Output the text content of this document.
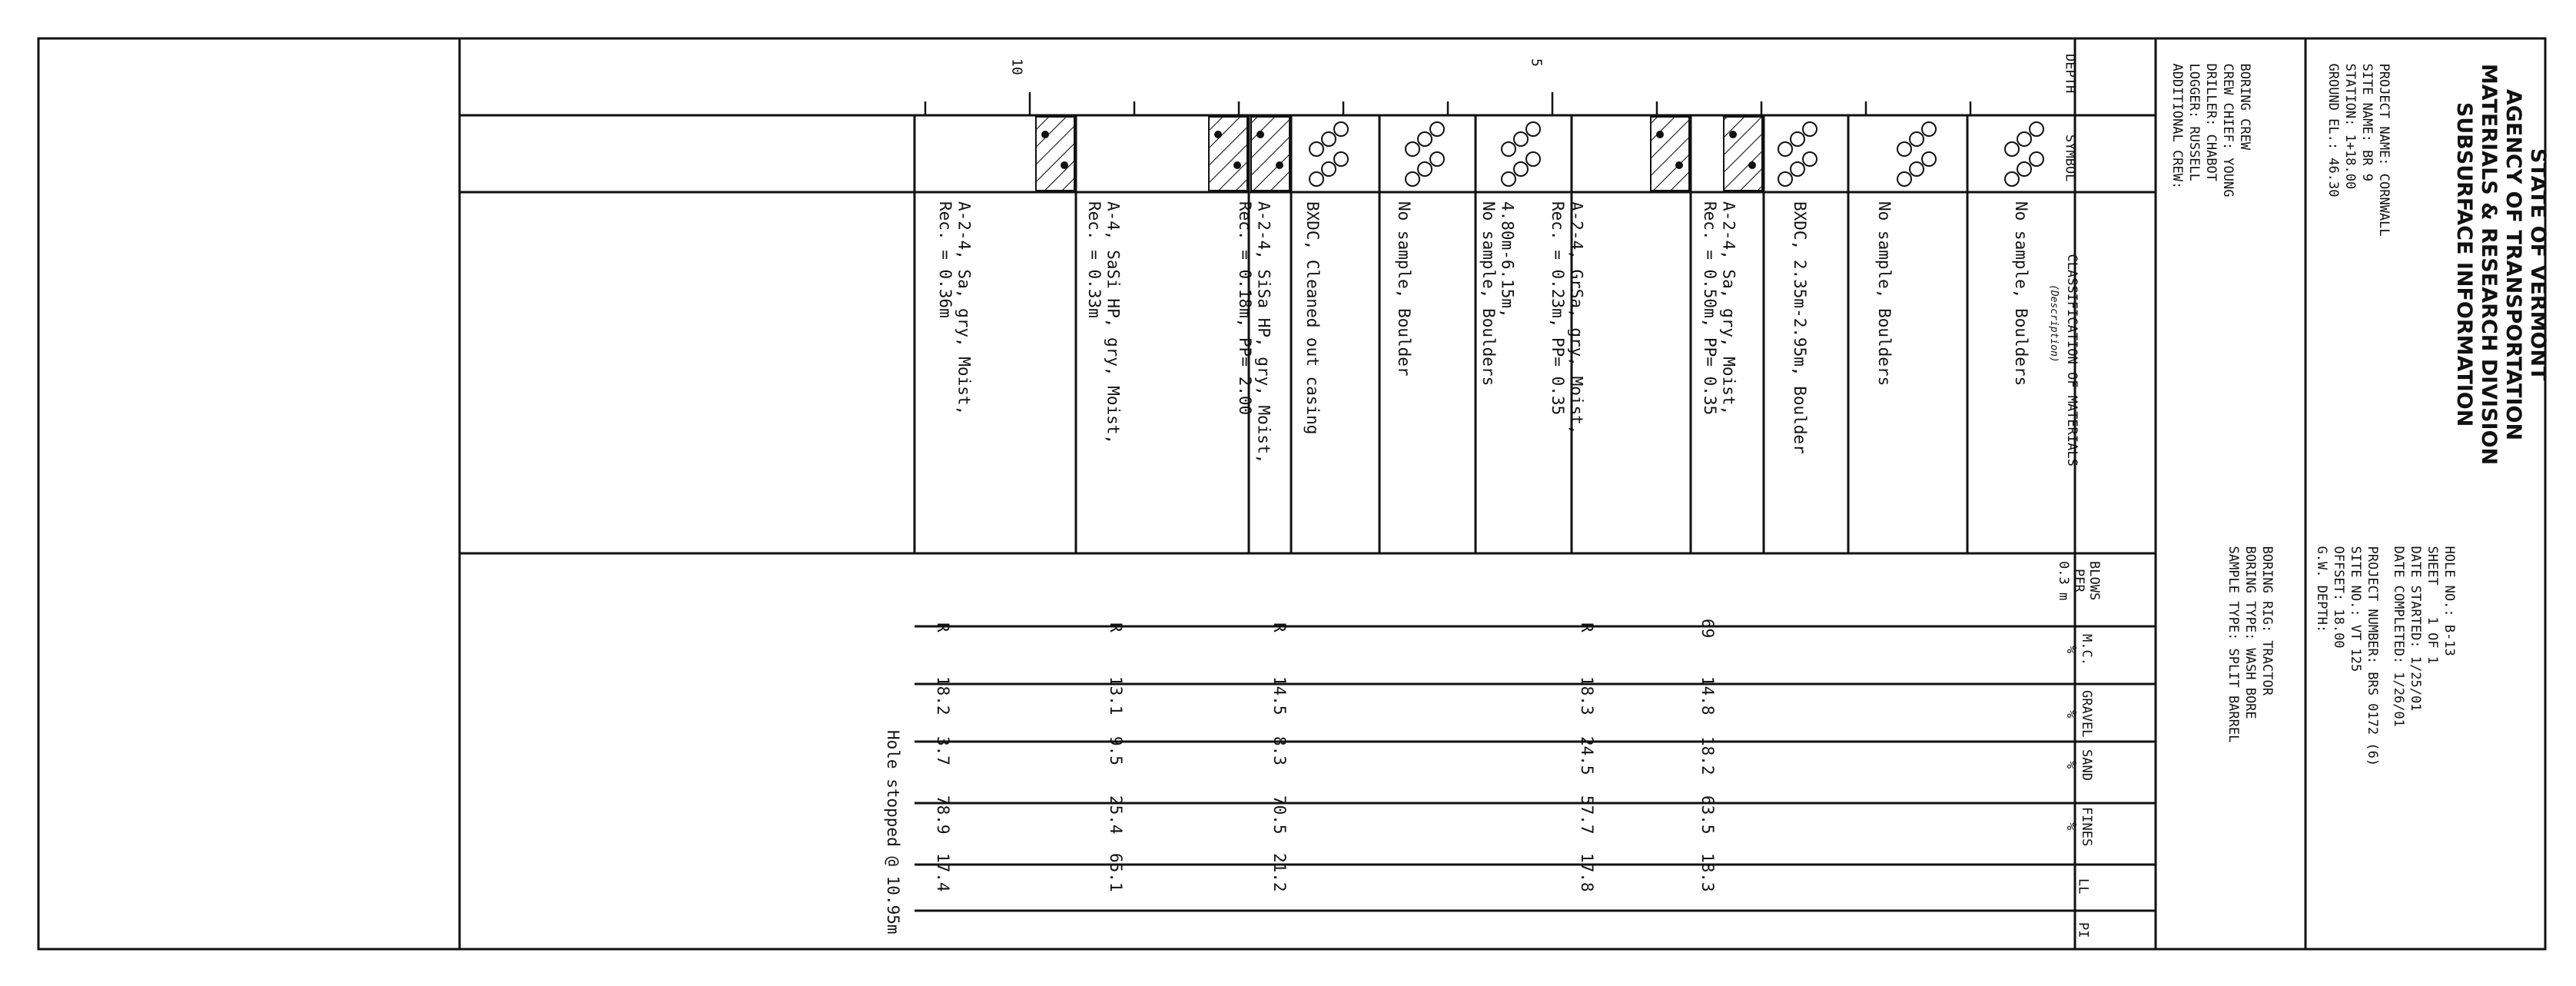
STATE OF VERMONT
AGENCY OF TRANSPORTATION
MATERIALS & RESEARCH DIVISION
SUBSURFACE INFORMATION

PROJECT NAME: CORNWALL
SITE NAME: BR 9
STATION: 1+18.00
GROUND EL.: 46.30

BORING CREW
CREW CHIEF: YOUNG
DRILLER: CHABOT
LOGGER: RUSSELL
ADDITIONAL CREW:

HOLE NO.: B-13
SHEET    1 OF 1
DATE STARTED: 1/25/01
DATE COMPLETED: 1/26/01

PROJECT NUMBER: BRS 0172 (6)
SITE NO.: VT 125
OFFSET: 18.00
G.W. DEPTH:

BORING RIG: TRACTOR
BORING TYPE: WASH BORE
SAMPLE TYPE: SPLIT BARREL

DEPTH
SYMBOL

CLASSIFICATION OF MATERIALS
(Description)

BLOWS
PER
0.3 m
M.C.
%
GRAVEL
%
SAND
%
FINES
%
LL
PI
5
10
No sample, Boulders
No sample, Boulders
BXDC, 2.35m-2.95m, Boulder
A-2-4, Sa, gry, Moist,
Rec. = 0.50m, PP= 0.35
A-2-4, GrSa, gry, Moist,
Rec. = 0.23m, PP= 0.35
4.80m-6.15m,
No sample, Boulders
No sample, Boulder
BXDC, Cleaned out casing
A-2-4, SiSa HP, gry, Moist,
Rec. = 0.18m, PP= 2.00
A-4, SaSi HP, gry, Moist,
Rec. = 0.33m
A-2-4, Sa, gry, Moist,
Rec. = 0.36m
69
14.8
18.2
63.5
18.3
R
18.3
24.5
57.7
17.8
R
14.5
8.3
70.5
21.2
R
13.1
9.5
25.4
65.1
R
18.2
3.7
78.9
17.4
Hole stopped @ 10.95m
